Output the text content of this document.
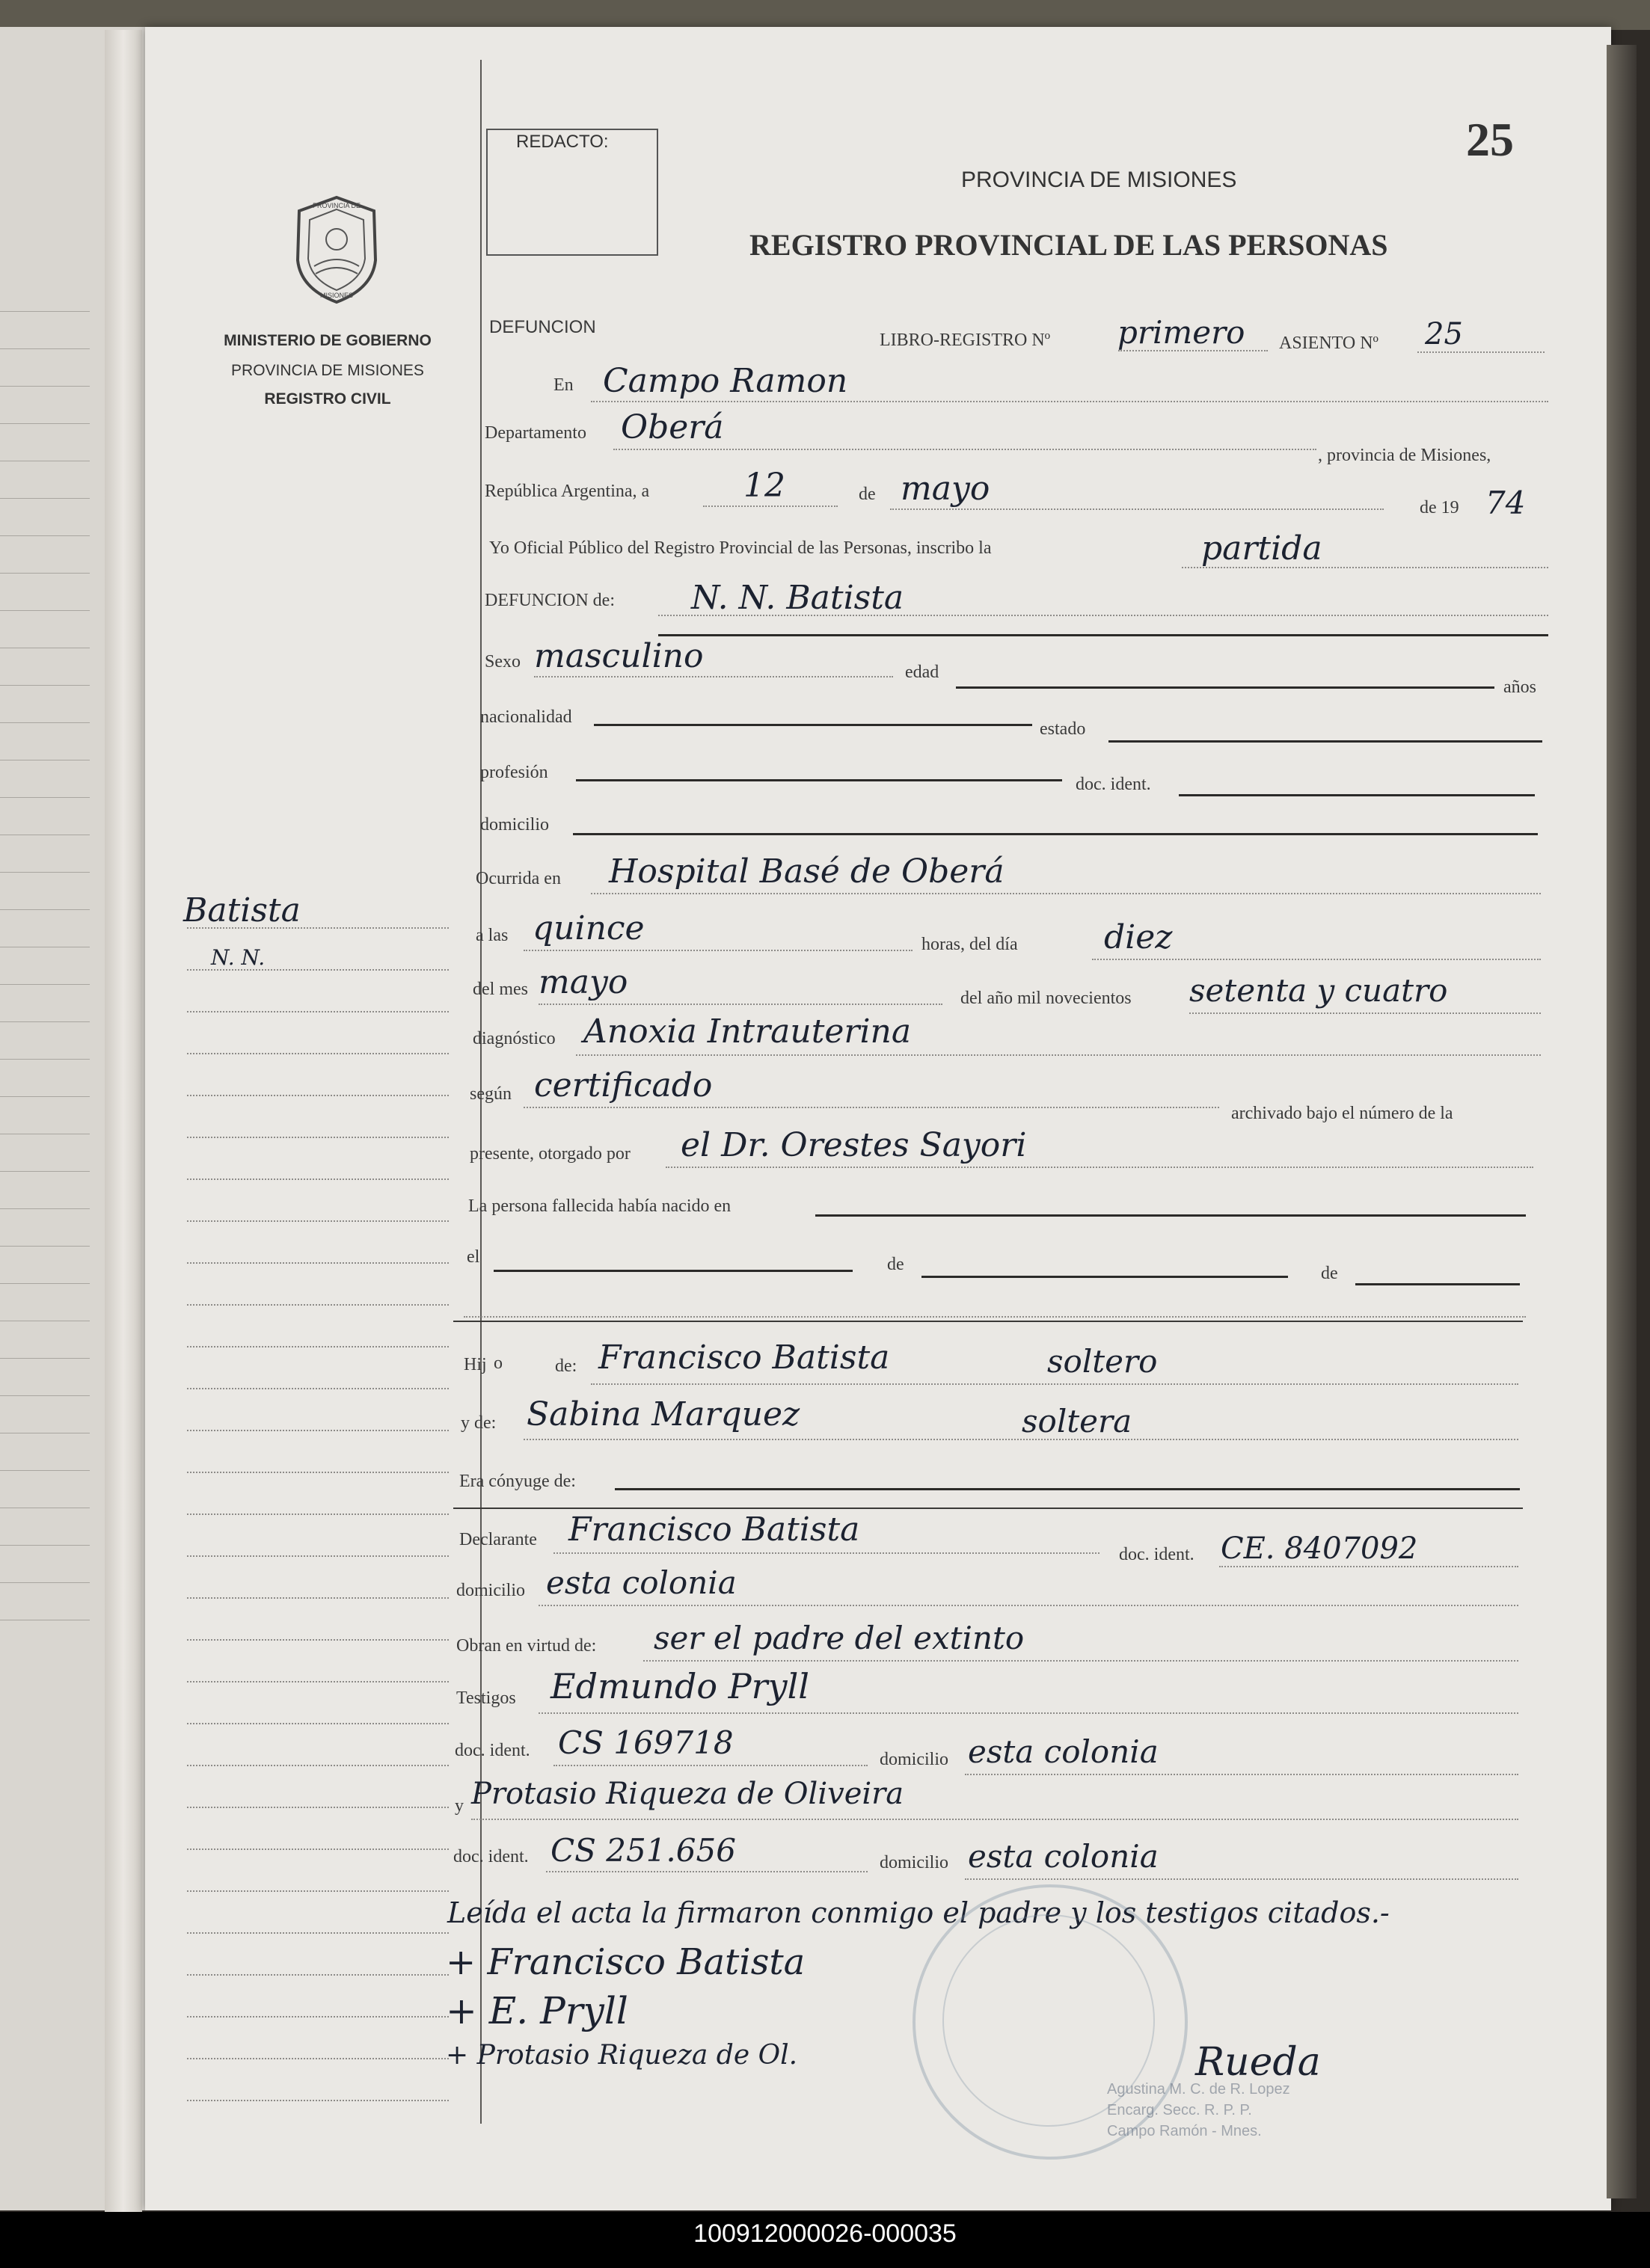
PROVINCIA DE
MISIONES
MINISTERIO DE GOBIERNO
PROVINCIA DE MISIONES
REGISTRO CIVIL
Batista
N. N.
REDACTO:	25
PROVINCIA DE MISIONES
REGISTRO PROVINCIAL DE LAS PERSONAS
DEFUNCION
LIBRO-REGISTRO Nº primero ASIENTO Nº 25
En Campo Ramon
Departamento Oberá
, provincia de Misiones,
República Argentina, a	12	de mayo	de 19 74
Yo Oficial Público del Registro Provincial de las Personas, inscribo la	partida
DEFUNCION de: N. N. Batista
Sexo masculino	edad
años
nacionalidad
estado
profesión
doc. ident.
domicilio
Ocurrida en Hospital Basé de Oberá
a las quince	horas, del día	diez
del mes mayo	del año mil novecientos setenta y cuatro
diagnóstico Anoxia Intrauterina
según certificado
archivado bajo el número de la
presente, otorgado por el Dr. Orestes Sayori
La persona fallecida había nacido en
el	de	de
Hij o	de: Francisco Batista	soltero
y de: Sabina Marquez	soltera
Era cónyuge de:
Declarante Francisco Batista
doc. ident. CE. 8407092
domicilio esta colonia
Obran en virtud de: ser el padre del extinto
Testigos Edmundo Pryll
doc. ident. CS 169718	domicilio esta colonia
y Protasio Riqueza de Oliveira
doc. ident. CS 251.656	domicilio esta colonia
Leída el acta la firmaron conmigo el padre y los testigos citados.-
+ Francisco Batista
+ E. Pryll
+ Protasio Riqueza de Ol.	Rueda
Agustina M. C. de R. Lopez
Encarg. Secc. R. P. P.
Campo Ramón - Mnes.
100912000026-000035
